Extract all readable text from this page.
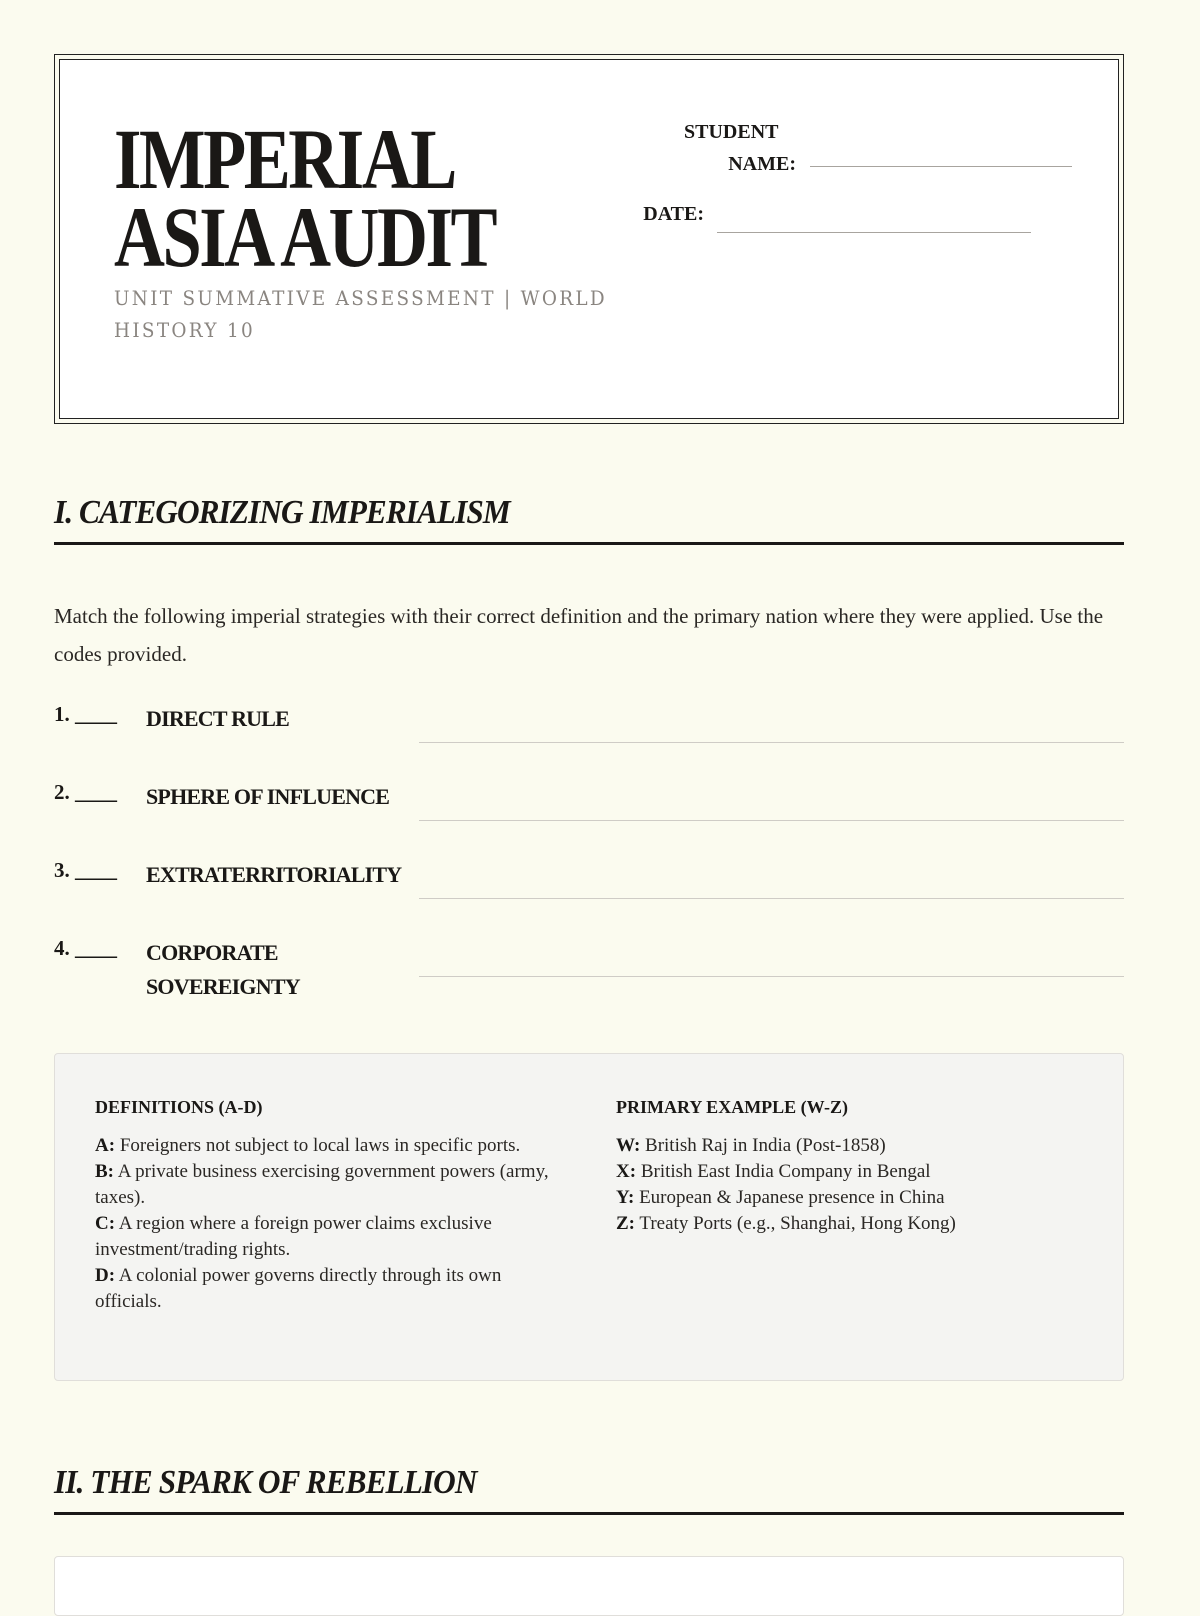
IMPERIAL
ASIA AUDIT
UNIT SUMMATIVE ASSESSMENT | WORLD HISTORY 10
STUDENT
NAME:
DATE:
I. CATEGORIZING IMPERIALISM
Match the following imperial strategies with their correct definition and the primary nation where they were applied. Use the codes provided.
1. ____ DIRECT RULE
2. ____ SPHERE OF INFLUENCE
3. ____ EXTRATERRITORIALITY
4. ____ CORPORATE SOVEREIGNTY
DEFINITIONS (A-D)
A: Foreigners not subject to local laws in specific ports.
B: A private business exercising government powers (army, taxes).
C: A region where a foreign power claims exclusive investment/trading rights.
D: A colonial power governs directly through its own officials.
PRIMARY EXAMPLE (W-Z)
W: British Raj in India (Post-1858)
X: British East India Company in Bengal
Y: European & Japanese presence in China
Z: Treaty Ports (e.g., Shanghai, Hong Kong)
II. THE SPARK OF REBELLION
